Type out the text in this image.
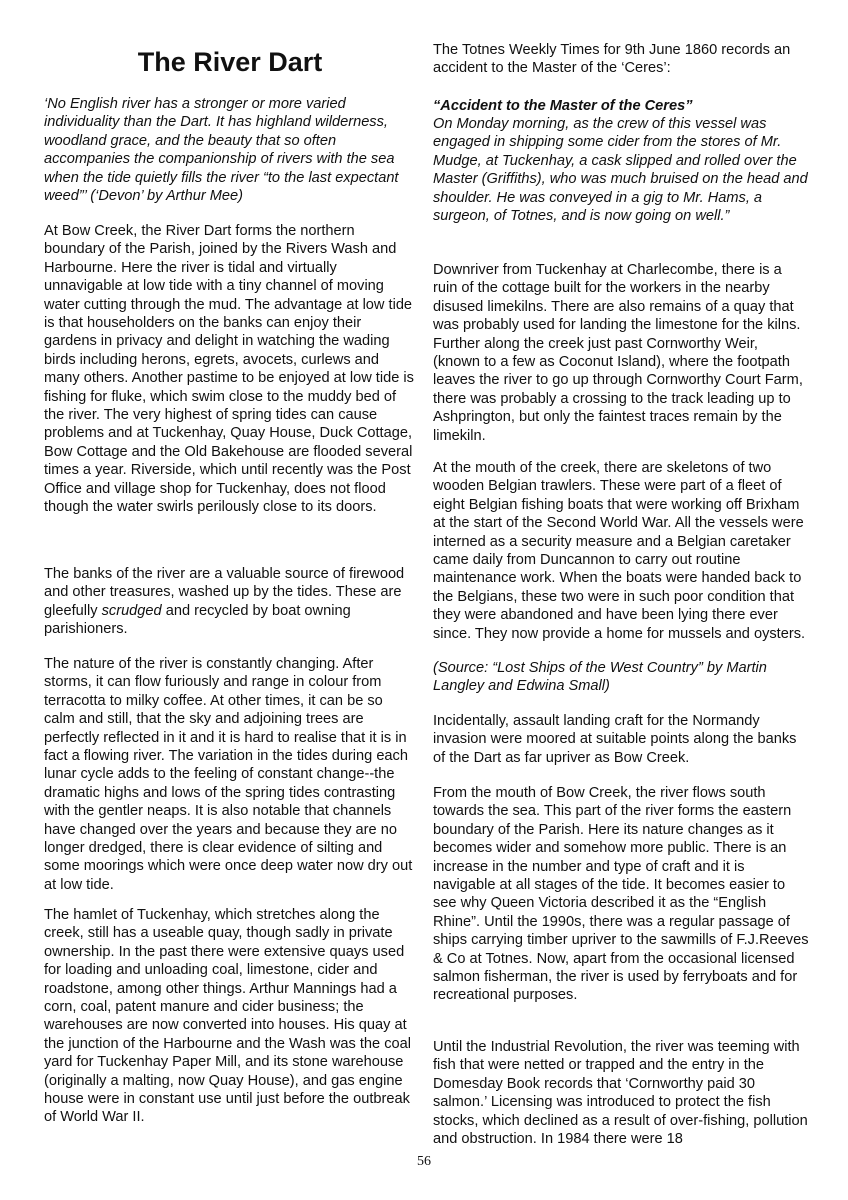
The River Dart

‘No English river has a stronger or more varied individuality than the Dart. It has highland wilderness, woodland grace, and the beauty that so often accompanies the companionship of rivers with the sea when the tide quietly fills the river “to the last expectant weed”’ (‘Devon’ by Arthur Mee)

At Bow Creek, the River Dart forms the northern boundary of the Parish, joined by the Rivers Wash and Harbourne. Here the river is tidal and virtually unnavigable at low tide with a tiny channel of moving water cutting through the mud. The advantage at low tide is that householders on the banks can enjoy their gardens in privacy and delight in watching the wading birds including herons, egrets, avocets, curlews and many others. Another pastime to be enjoyed at low tide is fishing for fluke, which swim close to the muddy bed of the river. The very highest of spring tides can cause problems and at Tuckenhay, Quay House, Duck Cottage, Bow Cottage and the Old Bakehouse are flooded several times a year. Riverside, which until recently was the Post Office and village shop for Tuckenhay, does not flood though the water swirls perilously close to its doors.

The banks of the river are a valuable source of firewood and other treasures, washed up by the tides. These are gleefully scrudged and recycled by boat owning parishioners.

The nature of the river is constantly changing. After storms, it can flow furiously and range in colour from terracotta to milky coffee. At other times, it can be so calm and still, that the sky and adjoining trees are perfectly reflected in it and it is hard to realise that it is in fact a flowing river. The variation in the tides during each lunar cycle adds to the feeling of constant change--the dramatic highs and lows of the spring tides contrasting with the gentler neaps. It is also notable that channels have changed over the years and because they are no longer dredged, there is clear evidence of silting and some moorings which were once deep water now dry out at low tide.

The hamlet of Tuckenhay, which stretches along the creek, still has a useable quay, though sadly in private ownership. In the past there were extensive quays used for loading and unloading coal, limestone, cider and roadstone, among other things. Arthur Mannings had a corn, coal, patent manure and cider business; the warehouses are now converted into houses. His quay at the junction of the Harbourne and the Wash was the coal yard for Tuckenhay Paper Mill, and its stone warehouse (originally a malting, now Quay House), and gas engine house were in constant use until just before the outbreak of World War II.

The Totnes Weekly Times for 9th June 1860 records an accident to the Master of the ‘Ceres’:

“Accident to the Master of the Ceres”

On Monday morning, as the crew of this vessel was engaged in shipping some cider from the stores of Mr. Mudge, at Tuckenhay, a cask slipped and rolled over the Master (Griffiths), who was much bruised on the head and shoulder. He was conveyed in a gig to Mr. Hams, a surgeon, of Totnes, and is now going on well.”

Downriver from Tuckenhay at Charlecombe, there is a ruin of the cottage built for the workers in the nearby disused limekilns. There are also remains of a quay that was probably used for landing the limestone for the kilns. Further along the creek just past Cornworthy Weir, (known to a few as Coconut Island), where the footpath leaves the river to go up through Cornworthy Court Farm, there was probably a crossing to the track leading up to Ashprington, but only the faintest traces remain by the limekiln.

At the mouth of the creek, there are skeletons of two wooden Belgian trawlers. These were part of a fleet of eight Belgian fishing boats that were working off Brixham at the start of the Second World War. All the vessels were interned as a security measure and a Belgian caretaker came daily from Duncannon to carry out routine maintenance work. When the boats were handed back to the Belgians, these two were in such poor condition that they were abandoned and have been lying there ever since. They now provide a home for mussels and oysters.

(Source: “Lost Ships of the West Country” by Martin Langley and Edwina Small)

Incidentally, assault landing craft for the Normandy invasion were moored at suitable points along the banks of the Dart as far upriver as Bow Creek.

From the mouth of Bow Creek, the river flows south towards the sea. This part of the river forms the eastern boundary of the Parish. Here its nature changes as it becomes wider and somehow more public. There is an increase in the number and type of craft and it is navigable at all stages of the tide. It becomes easier to see why Queen Victoria described it as the “English Rhine”. Until the 1990s, there was a regular passage of ships carrying timber upriver to the sawmills of F.J.Reeves & Co at Totnes. Now, apart from the occasional licensed salmon fisherman, the river is used by ferryboats and for recreational purposes.

Until the Industrial Revolution, the river was teeming with fish that were netted or trapped and the entry in the Domesday Book records that ‘Cornworthy paid 30 salmon.’ Licensing was introduced to protect the fish stocks, which declined as a result of over-fishing, pollution and obstruction. In 1984 there were 18

56
